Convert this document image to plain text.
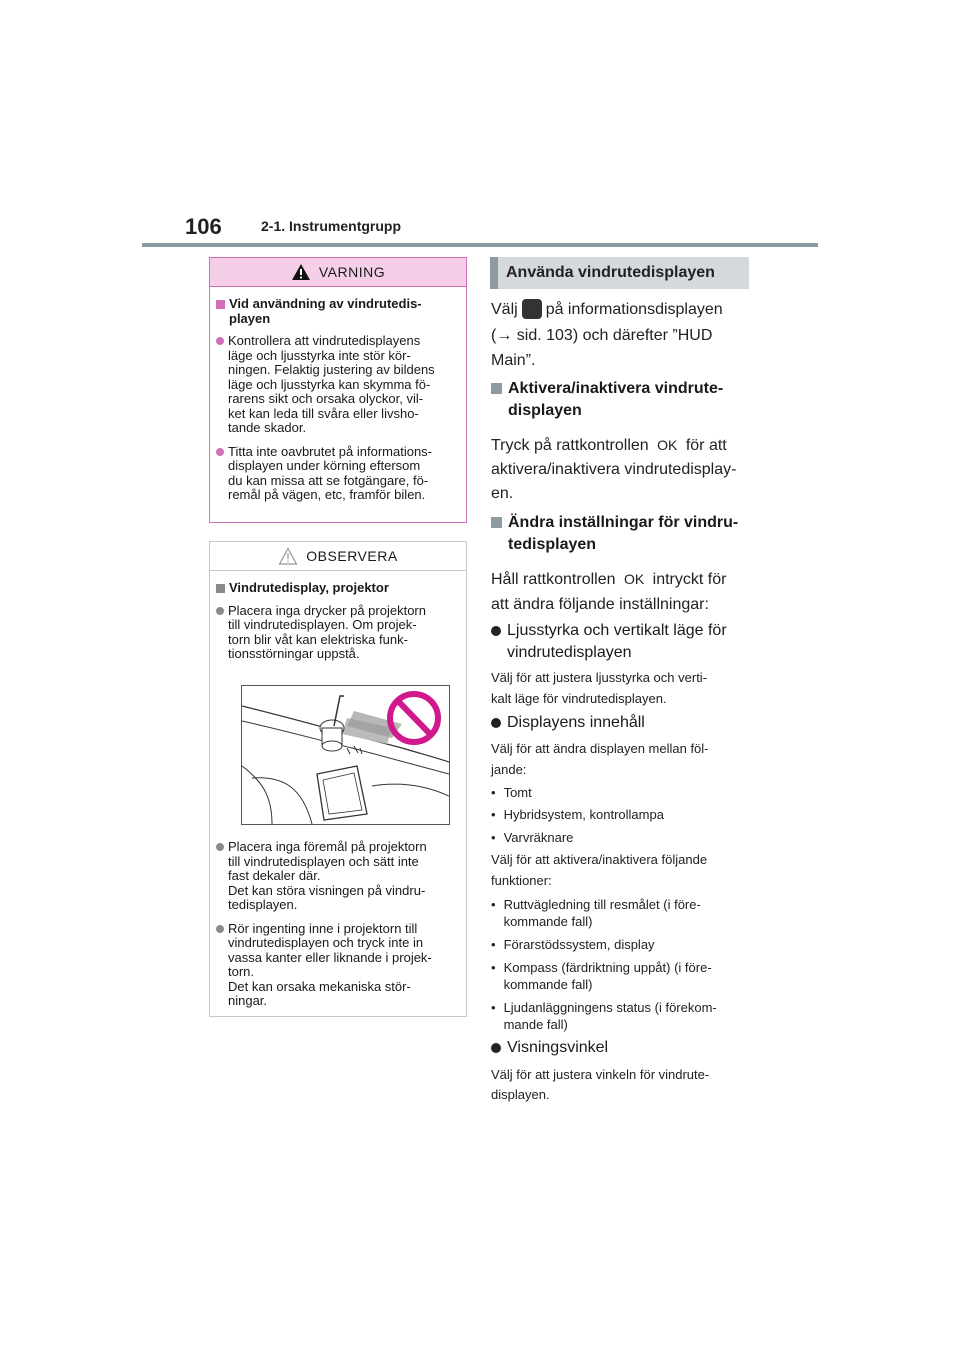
106	2-1. Instrumentgrupp
VARNING
Vid användning av vindrutedis-
playen
Kontrollera att vindrutedisplayens
läge och ljusstyrka inte stör kör-
ningen. Felaktig justering av bildens
läge och ljusstyrka kan skymma fö-
rarens sikt och orsaka olyckor, vil-
ket kan leda till svåra eller livsho-
tande skador.
Titta inte oavbrutet på informations-
displayen under körning eftersom
du kan missa att se fotgängare, fö-
remål på vägen, etc, framför bilen.
OBSERVERA
Vindrutedisplay, projektor
Placera inga drycker på projektorn
till vindrutedisplayen. Om projek-
torn blir våt kan elektriska funk-
tionsstörningar uppstå.
Placera inga föremål på projektorn
till vindrutedisplayen och sätt inte
fast dekaler där.
Det kan störa visningen på vindru-
tedisplayen.
Rör ingenting inne i projektorn till
vindrutedisplayen och tryck inte in
vassa kanter eller liknande i projek-
torn.
Det kan orsaka mekaniska stör-
ningar.
Använda vindrutedisplayen
Välj på informationsdisplayen
(→ sid. 103) och därefter ”HUD
Main”.
Aktivera/inaktivera vindrute-
displayen
Tryck på rattkontrollen OK för att
aktivera/inaktivera vindrutedisplay-
en.
Ändra inställningar för vindru-
tedisplayen
Håll rattkontrollen OK intryckt för
att ändra följande inställningar:
Ljusstyrka och vertikalt läge för
vindrutedisplayen
Välj för att justera ljusstyrka och verti-
kalt läge för vindrutedisplayen.
Displayens innehåll
Välj för att ändra displayen mellan föl-
jande:
• Tomt
• Hybridsystem, kontrollampa
• Varvräknare
Välj för att aktivera/inaktivera följande
funktioner:
• Ruttvägledning till resmålet (i före-
kommande fall)
• Förarstödssystem, display
• Kompass (färdriktning uppåt) (i före-
kommande fall)
• Ljudanläggningens status (i förekom-
mande fall)
Visningsvinkel
Välj för att justera vinkeln för vindrute-
displayen.
